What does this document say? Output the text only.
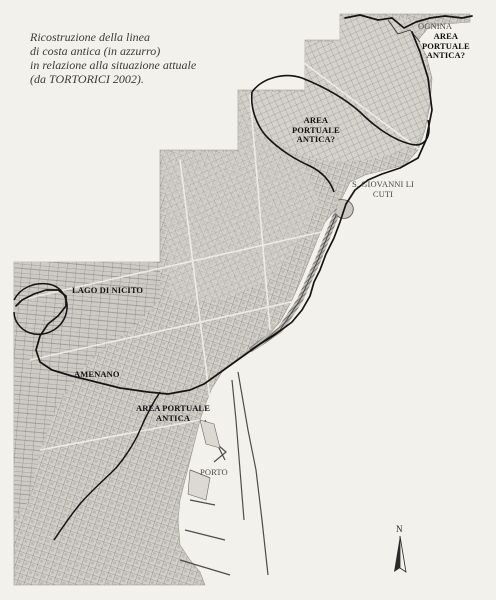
Ricostruzione della linea
di costa antica (in azzurro)
in relazione alla situazione attuale
(da TORTORICI 2002).
OGNINA
AREA
PORTUALE
ANTICA?
AREA
PORTUALE
ANTICA?
S. GIOVANNI LI
CUTI
LAGO DI NICITO
AMENANO
AREA PORTUALE
ANTICA
PORTO
N
